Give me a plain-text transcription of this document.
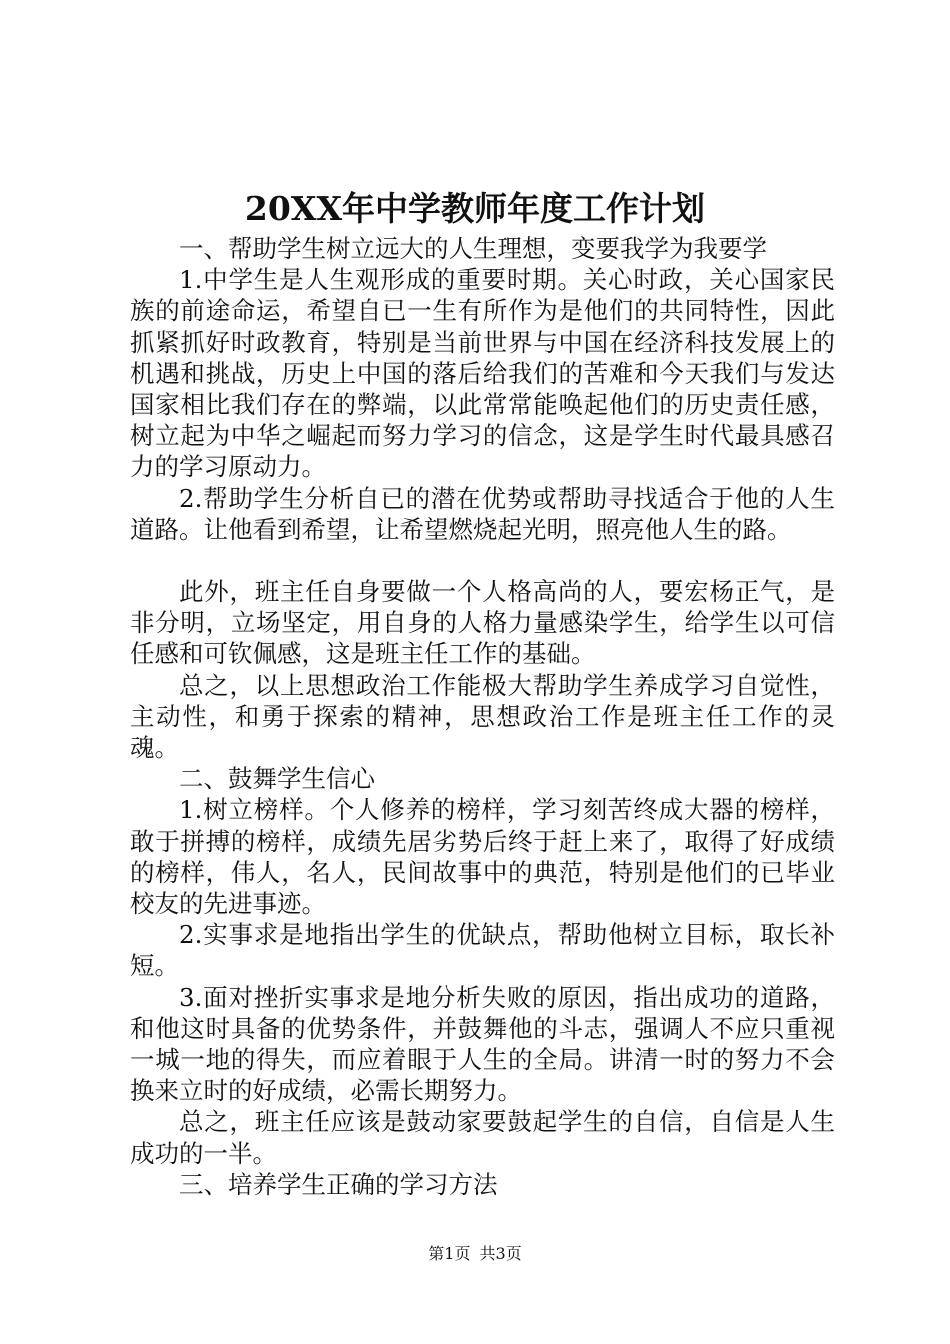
20XX年中学教师年度工作计划

一、帮助学生树立远大的人生理想，变要我学为我要学

1.中学生是人生观形成的重要时期。关心时政，关心国家民族的前途命运，希望自已一生有所作为是他们的共同特性，因此抓紧抓好时政教育，特别是当前世界与中国在经济科技发展上的机遇和挑战，历史上中国的落后给我们的苦难和今天我们与发达国家相比我们存在的弊端，以此常常能唤起他们的历史责任感，树立起为中华之崛起而努力学习的信念，这是学生时代最具感召力的学习原动力。

2.帮助学生分析自已的潜在优势或帮助寻找适合于他的人生道路。让他看到希望，让希望燃烧起光明，照亮他人生的路。

此外，班主任自身要做一个人格高尚的人，要宏杨正气，是非分明，立场坚定，用自身的人格力量感染学生，给学生以可信任感和可钦佩感，这是班主任工作的基础。

总之，以上思想政治工作能极大帮助学生养成学习自觉性，主动性，和勇于探索的精神，思想政治工作是班主任工作的灵魂。

二、鼓舞学生信心

1.树立榜样。个人修养的榜样，学习刻苦终成大器的榜样，敢于拼搏的榜样，成绩先居劣势后终于赶上来了，取得了好成绩的榜样，伟人，名人，民间故事中的典范，特别是他们的已毕业校友的先进事迹。

2.实事求是地指出学生的优缺点，帮助他树立目标，取长补短。

3.面对挫折实事求是地分析失败的原因，指出成功的道路，和他这时具备的优势条件，并鼓舞他的斗志，强调人不应只重视一城一地的得失，而应着眼于人生的全局。讲清一时的努力不会换来立时的好成绩，必需长期努力。

总之，班主任应该是鼓动家要鼓起学生的自信，自信是人生成功的一半。

三、培养学生正确的学习方法

第1页 共3页
